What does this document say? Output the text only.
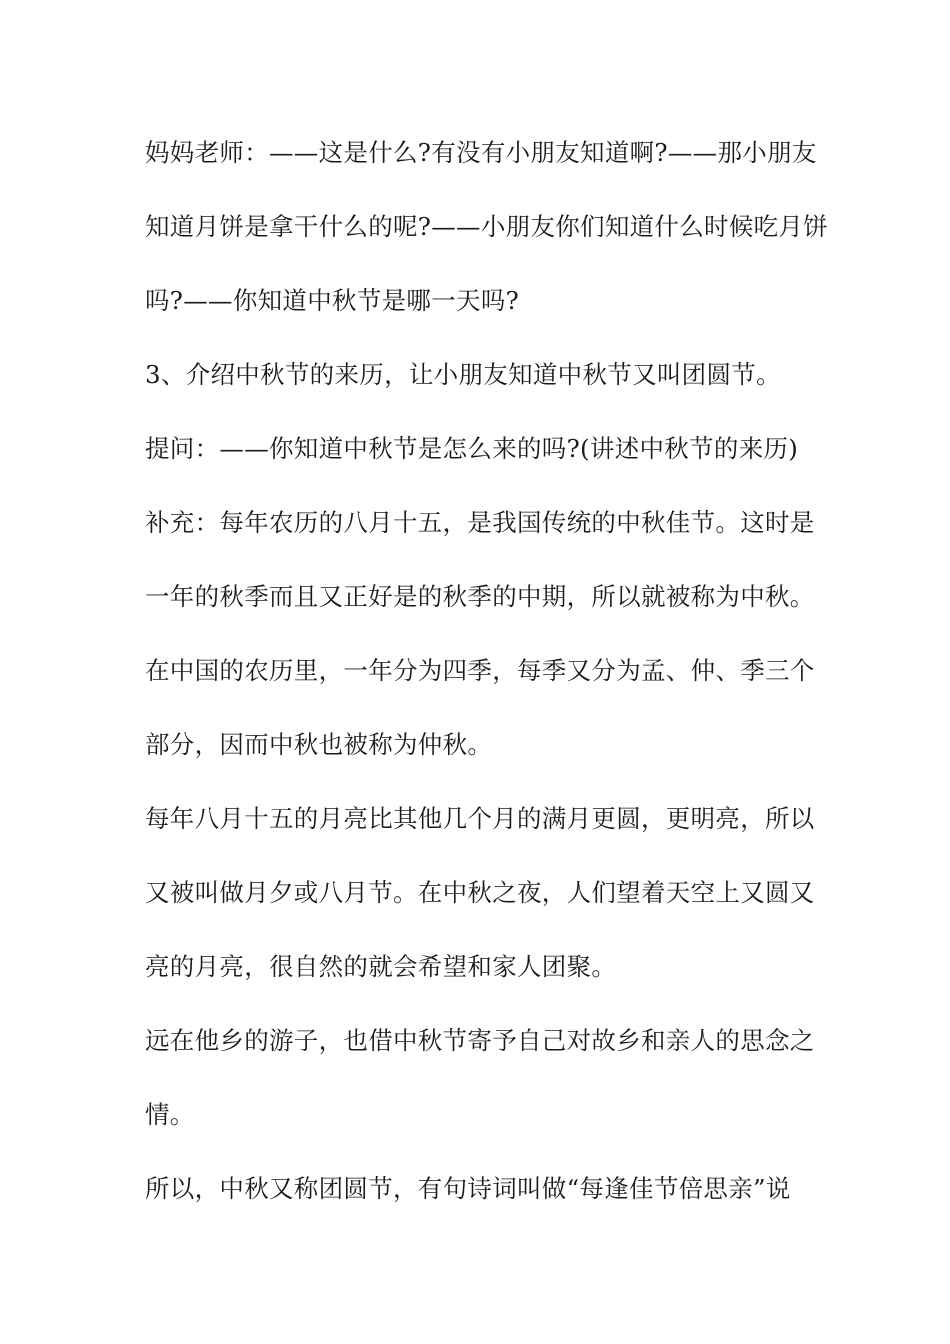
妈妈老师：——这是什么?有没有小朋友知道啊?——那小朋友
知道月饼是拿干什么的呢?——小朋友你们知道什么时候吃月饼
吗?——你知道中秋节是哪一天吗?
3、介绍中秋节的来历，让小朋友知道中秋节又叫团圆节。
提问：——你知道中秋节是怎么来的吗?(讲述中秋节的来历)
补充：每年农历的八月十五，是我国传统的中秋佳节。这时是
一年的秋季而且又正好是的秋季的中期，所以就被称为中秋。
在中国的农历里，一年分为四季，每季又分为孟、仲、季三个
部分，因而中秋也被称为仲秋。
每年八月十五的月亮比其他几个月的满月更圆，更明亮，所以
又被叫做月夕或八月节。在中秋之夜，人们望着天空上又圆又
亮的月亮，很自然的就会希望和家人团聚。
远在他乡的游子，也借中秋节寄予自己对故乡和亲人的思念之
情。
所以，中秋又称团圆节，有句诗词叫做“每逢佳节倍思亲”说
